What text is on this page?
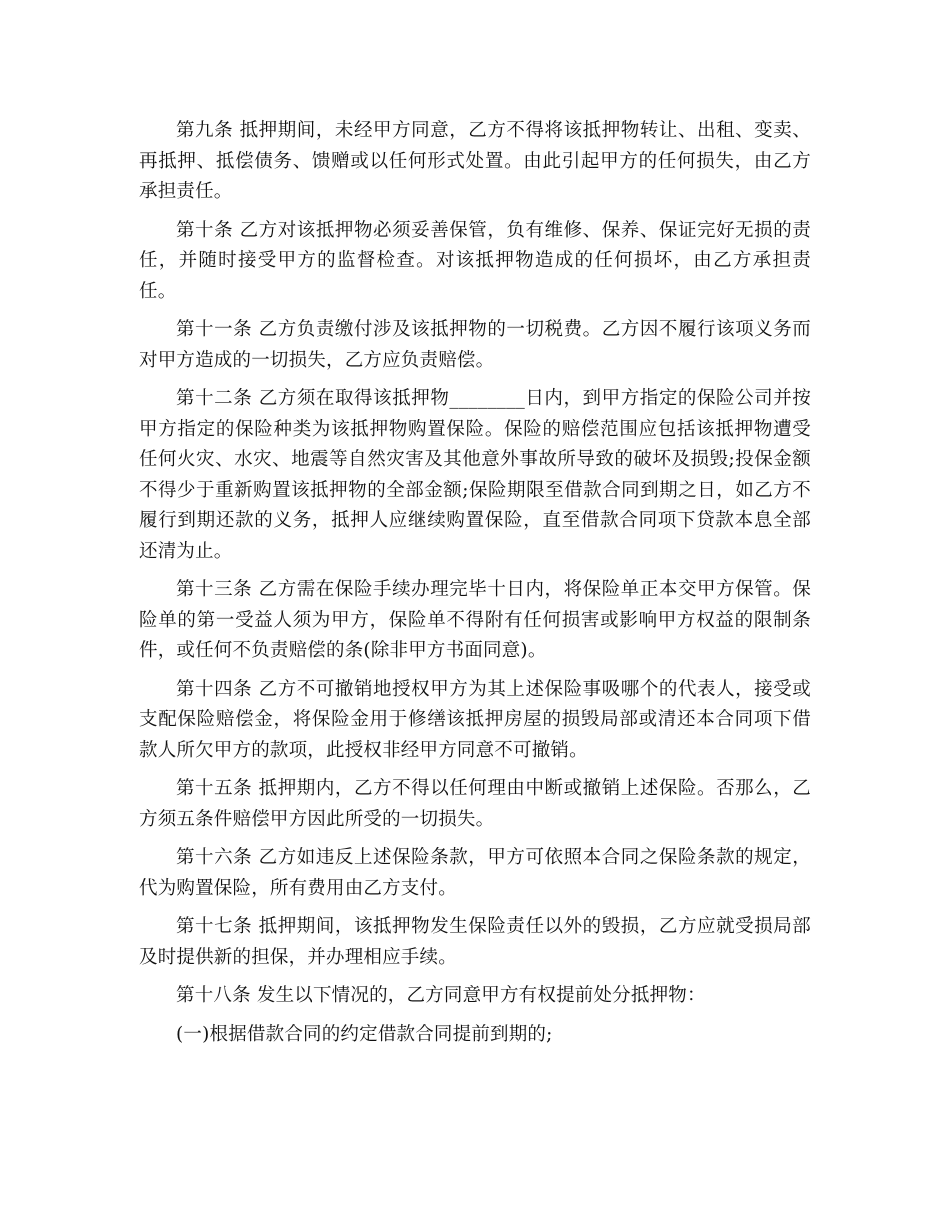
第九条 抵押期间，未经甲方同意，乙方不得将该抵押物转让、出租、变卖、再抵押、抵偿债务、馈赠或以任何形式处置。由此引起甲方的任何损失，由乙方承担责任。

第十条 乙方对该抵押物必须妥善保管，负有维修、保养、保证完好无损的责任，并随时接受甲方的监督检查。对该抵押物造成的任何损坏，由乙方承担责任。

第十一条 乙方负责缴付涉及该抵押物的一切税费。乙方因不履行该项义务而对甲方造成的一切损失，乙方应负责赔偿。

第十二条 乙方须在取得该抵押物________日内，到甲方指定的保险公司并按甲方指定的保险种类为该抵押物购置保险。保险的赔偿范围应包括该抵押物遭受任何火灾、水灾、地震等自然灾害及其他意外事故所导致的破坏及损毁;投保金额不得少于重新购置该抵押物的全部金额;保险期限至借款合同到期之日，如乙方不履行到期还款的义务，抵押人应继续购置保险，直至借款合同项下贷款本息全部还清为止。

第十三条 乙方需在保险手续办理完毕十日内，将保险单正本交甲方保管。保险单的第一受益人须为甲方，保险单不得附有任何损害或影响甲方权益的限制条件，或任何不负责赔偿的条(除非甲方书面同意)。

第十四条 乙方不可撤销地授权甲方为其上述保险事吸哪个的代表人，接受或支配保险赔偿金，将保险金用于修缮该抵押房屋的损毁局部或清还本合同项下借款人所欠甲方的款项，此授权非经甲方同意不可撤销。

第十五条 抵押期内，乙方不得以任何理由中断或撤销上述保险。否那么，乙方须五条件赔偿甲方因此所受的一切损失。

第十六条 乙方如违反上述保险条款，甲方可依照本合同之保险条款的规定，代为购置保险，所有费用由乙方支付。

第十七条 抵押期间，该抵押物发生保险责任以外的毁损，乙方应就受损局部及时提供新的担保，并办理相应手续。

第十八条 发生以下情况的，乙方同意甲方有权提前处分抵押物：

(一)根据借款合同的约定借款合同提前到期的;
